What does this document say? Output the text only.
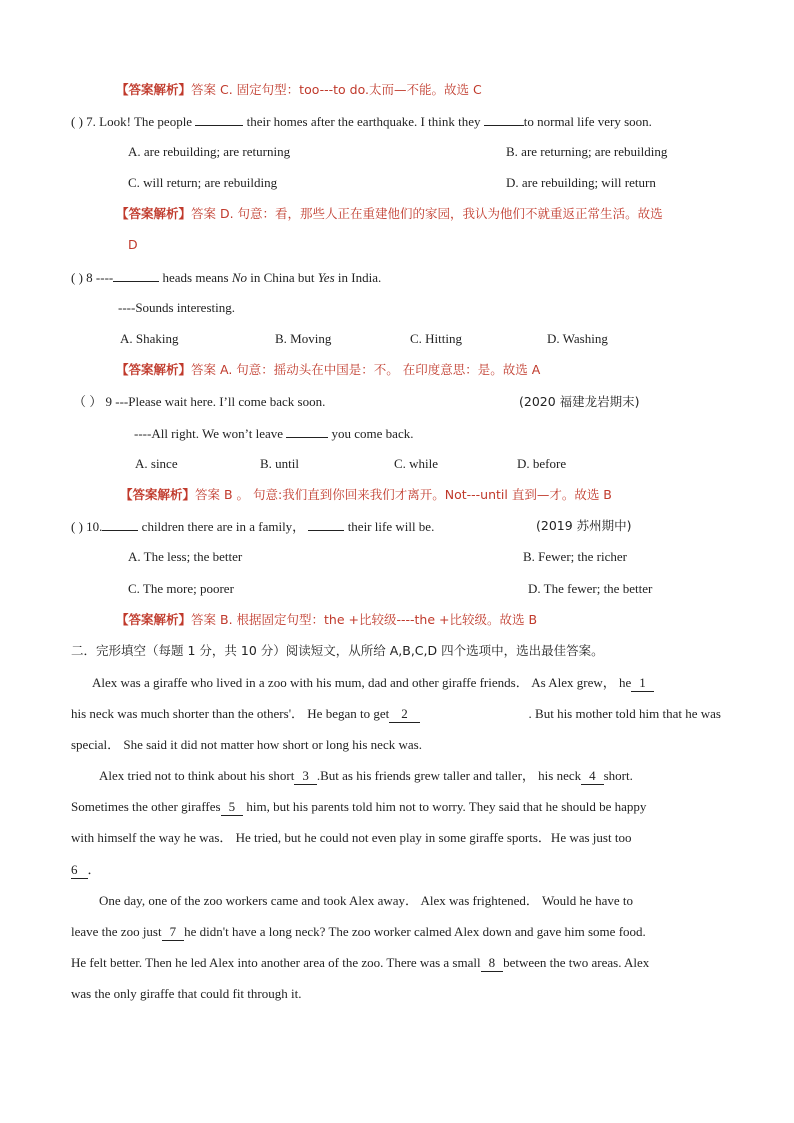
【答案解析】答案 C. 固定句型：too---to do.太而—不能。故选 C
( ) 7. Look! The people	their homes after the earthquake. I think they	to normal life very soon.
A. are rebuilding; are returning	B. are returning; are rebuilding
C. will return; are rebuilding	D. are rebuilding; will return
【答案解析】答案 D. 句意：看，那些人正在重建他们的家园，我认为他们不就重返正常生活。故选
D
( ) 8 ----	heads means No in China but Yes in India.
----Sounds interesting.
A. Shaking	B. Moving	C. Hitting	D. Washing
【答案解析】答案 A. 句意：摇动头在中国是：不。 在印度意思：是。故选 A
（ ） 9 ---Please wait here. I’ll come back soon.	(2020 福建龙岩期末)
----All right. We won’t leave	you come back.
A. since	B. until	C. while	D. before
【答案解析】答案 B 。 句意:我们直到你回来我们才离开。Not---until 直到—才。故选 B
( ) 10.	children there are in a family，	their life will be.	(2019 苏州期中)
A. The less; the better	B. Fewer; the richer
C. The more; poorer	D. The fewer; the better
【答案解析】答案 B. 根据固定句型：the +比较级----the +比较级。故选 B
二．完形填空（每题 1 分，共 10 分）阅读短文，从所给 A,B,C,D 四个选项中，选出最佳答案。
Alex was a giraffe who lived in a zoo with his mum, dad and other giraffe friends． As Alex grew， he 1
his neck was much shorter than the others'． He began to get 2	. But his mother told him that he was
special． She said it did not matter how short or long his neck was.
Alex tried not to think about his short 3 .But as his friends grew taller and taller， his neck 4 short.
Sometimes the other giraffes 5 him, but his parents told him not to worry. They said that he should be happy
with himself the way he was． He tried, but he could not even play in some giraffe sports．He was just too
6 ．
One day, one of the zoo workers came and took Alex away． Alex was frightened． Would he have to
leave the zoo just 7 he didn't have a long neck? The zoo worker calmed Alex down and gave him some food.
He felt better. Then he led Alex into another area of the zoo. There was a small 8 between the two areas. Alex
was the only giraffe that could fit through it.
